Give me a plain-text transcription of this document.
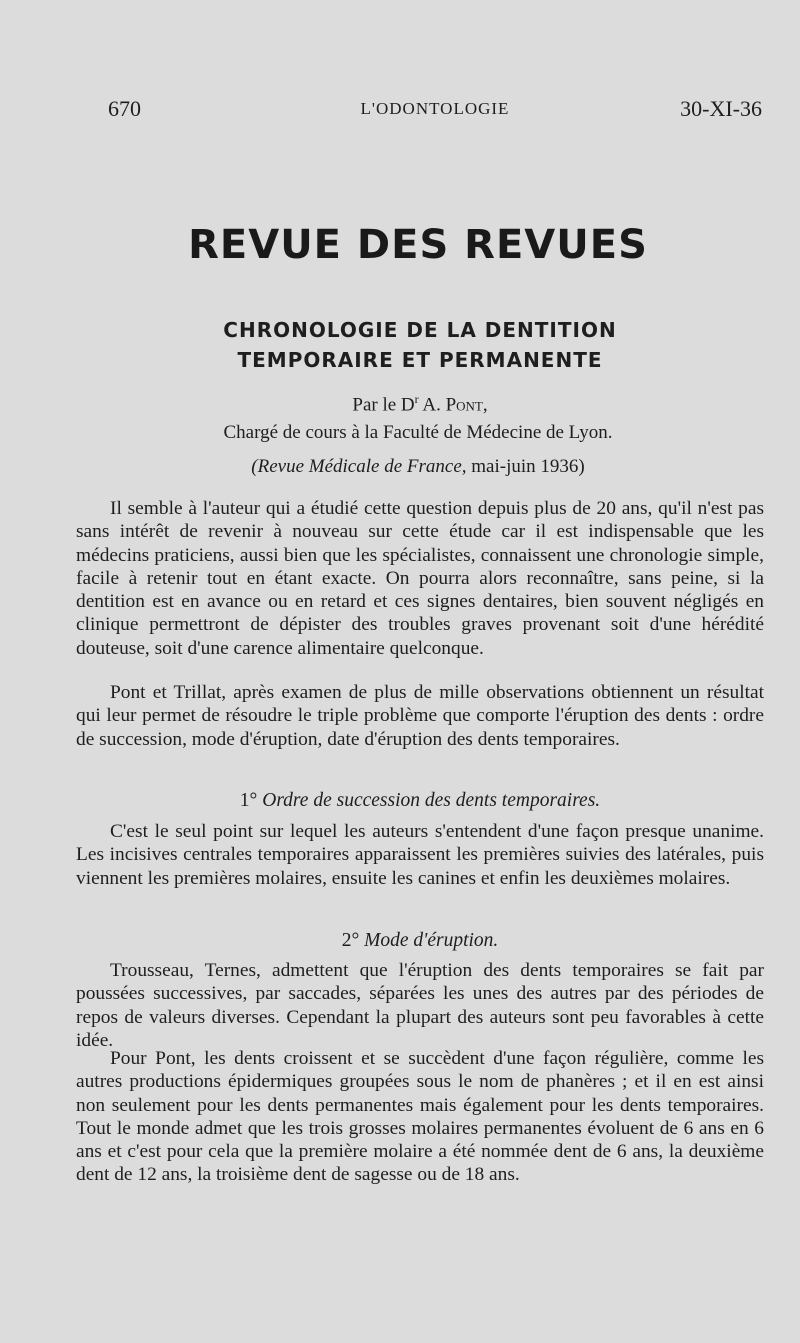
670	L'ODONTOLOGIE	30-XI-36
REVUE DES REVUES
CHRONOLOGIE DE LA DENTITION
TEMPORAIRE ET PERMANENTE
Par le $D^r$ A. Pont,
Chargé de cours à la Faculté de Médecine de Lyon.
(Revue Médicale de France, mai-juin 1936)

Il semble à l'auteur qui a étudié cette question depuis plus de 20 ans, qu'il n'est pas sans intérêt de revenir à nouveau sur cette étude car il est indispensable que les médecins praticiens, aussi bien que les spécialistes, connaissent une chronologie simple, facile à retenir tout en étant exacte. On pourra alors reconnaître, sans peine, si la dentition est en avance ou en retard et ces signes dentaires, bien souvent négligés en clinique permettront de dépister des troubles graves provenant soit d'une hérédité douteuse, soit d'une carence alimentaire quelconque.

Pont et Trillat, après examen de plus de mille observations obtiennent un résultat qui leur permet de résoudre le triple problème que comporte l'éruption des dents : ordre de succession, mode d'éruption, date d'éruption des dents temporaires.

1° Ordre de succession des dents temporaires.

C'est le seul point sur lequel les auteurs s'entendent d'une façon presque unanime. Les incisives centrales temporaires apparaissent les premières suivies des latérales, puis viennent les premières molaires, ensuite les canines et enfin les deuxièmes molaires.

2° Mode d'éruption.

Trousseau, Ternes, admettent que l'éruption des dents temporaires se fait par poussées successives, par saccades, séparées les unes des autres par des périodes de repos de valeurs diverses. Cependant la plupart des auteurs sont peu favorables à cette idée.

Pour Pont, les dents croissent et se succèdent d'une façon régulière, comme les autres productions épidermiques groupées sous le nom de phanères ; et il en est ainsi non seulement pour les dents permanentes mais également pour les dents temporaires. Tout le monde admet que les trois grosses molaires permanentes évoluent de 6 ans en 6 ans et c'est pour cela que la première molaire a été nommée dent de 6 ans, la deuxième dent de 12 ans, la troisième dent de sagesse ou de 18 ans.
